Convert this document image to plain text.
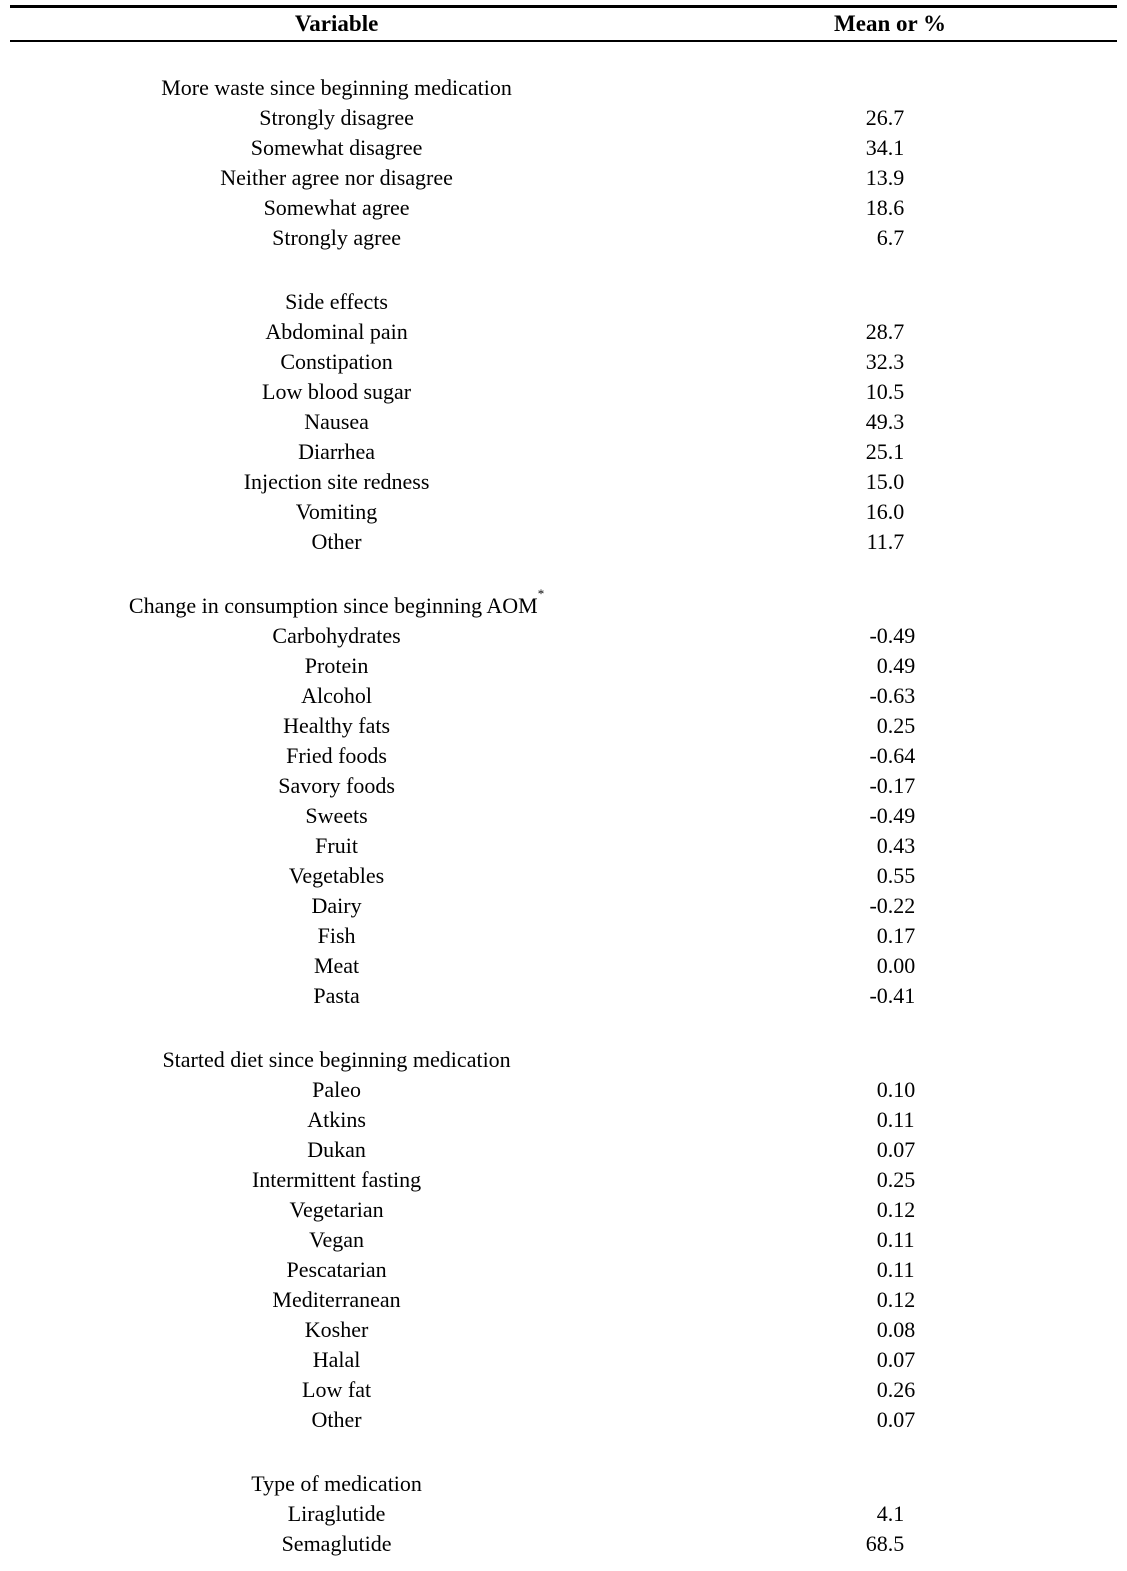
Variable	Mean or %
More waste since beginning medication
Strongly disagree	26 .7
Somewhat disagree	34 .1
Neither agree nor disagree	13 .9
Somewhat agree	18 .6
Strongly agree	6 .7
Side effects
Abdominal pain	28 .7
Constipation	32 .3
Low blood sugar	10 .5
Nausea	49 .3
Diarrhea	25 .1
Injection site redness	15 .0
Vomiting	16 .0
Other	11 .7
Change in consumption since beginning AOM*
Carbohydrates	-0 .49
Protein	0 .49
Alcohol	-0 .63
Healthy fats	0 .25
Fried foods	-0 .64
Savory foods	-0 .17
Sweets	-0 .49
Fruit	0 .43
Vegetables	0 .55
Dairy	-0 .22
Fish	0 .17
Meat	0 .00
Pasta	-0 .41
Started diet since beginning medication
Paleo	0 .10
Atkins	0 .11
Dukan	0 .07
Intermittent fasting	0 .25
Vegetarian	0 .12
Vegan	0 .11
Pescatarian	0 .11
Mediterranean	0 .12
Kosher	0 .08
Halal	0 .07
Low fat	0 .26
Other	0 .07
Type of medication
Liraglutide	4 .1
Semaglutide	68 .5
